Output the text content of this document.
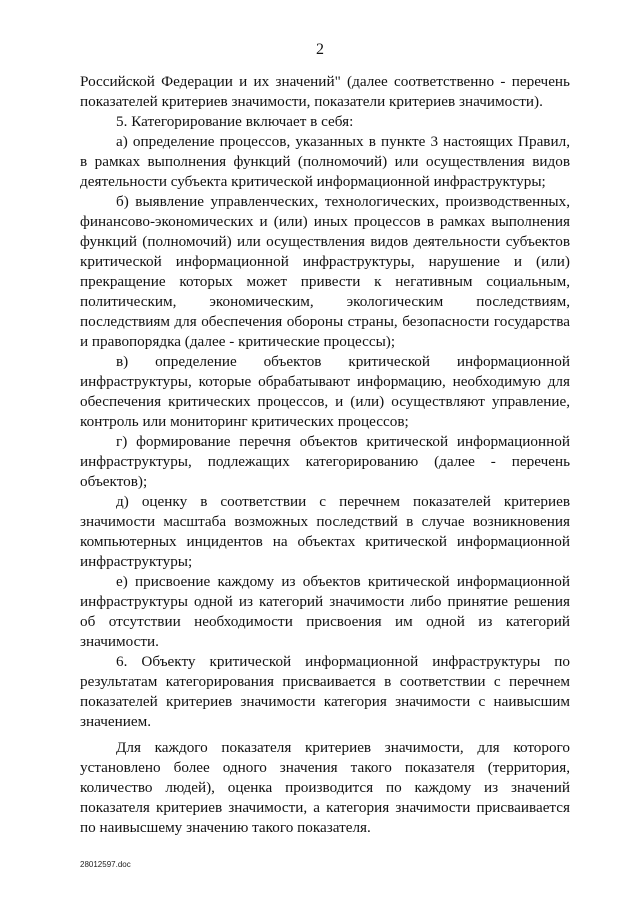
2

Российской Федерации и их значений" (далее соответственно - перечень показателей критериев значимости, показатели критериев значимости).

5. Категорирование включает в себя:

а) определение процессов, указанных в пункте 3 настоящих Правил, в рамках выполнения функций (полномочий) или осуществления видов деятельности субъекта критической информационной инфраструктуры;

б) выявление управленческих, технологических, производственных, финансово-экономических и (или) иных процессов в рамках выполнения функций (полномочий) или осуществления видов деятельности субъектов критической информационной инфраструктуры, нарушение и (или) прекращение которых может привести к негативным социальным, политическим, экономическим, экологическим последствиям, последствиям для обеспечения обороны страны, безопасности государства и правопорядка (далее - критические процессы);

в) определение объектов критической информационной инфраструктуры, которые обрабатывают информацию, необходимую для обеспечения критических процессов, и (или) осуществляют управление, контроль или мониторинг критических процессов;

г) формирование перечня объектов критической информационной инфраструктуры, подлежащих категорированию (далее - перечень объектов);

д) оценку в соответствии с перечнем показателей критериев значимости масштаба возможных последствий в случае возникновения компьютерных инцидентов на объектах критической информационной инфраструктуры;

е) присвоение каждому из объектов критической информационной инфраструктуры одной из категорий значимости либо принятие решения об отсутствии необходимости присвоения им одной из категорий значимости.

6. Объекту критической информационной инфраструктуры по результатам категорирования присваивается в соответствии с перечнем показателей критериев значимости категория значимости с наивысшим значением.

Для каждого показателя критериев значимости, для которого установлено более одного значения такого показателя (территория, количество людей), оценка производится по каждому из значений показателя критериев значимости, а категория значимости присваивается по наивысшему значению такого показателя.

28012597.doc
